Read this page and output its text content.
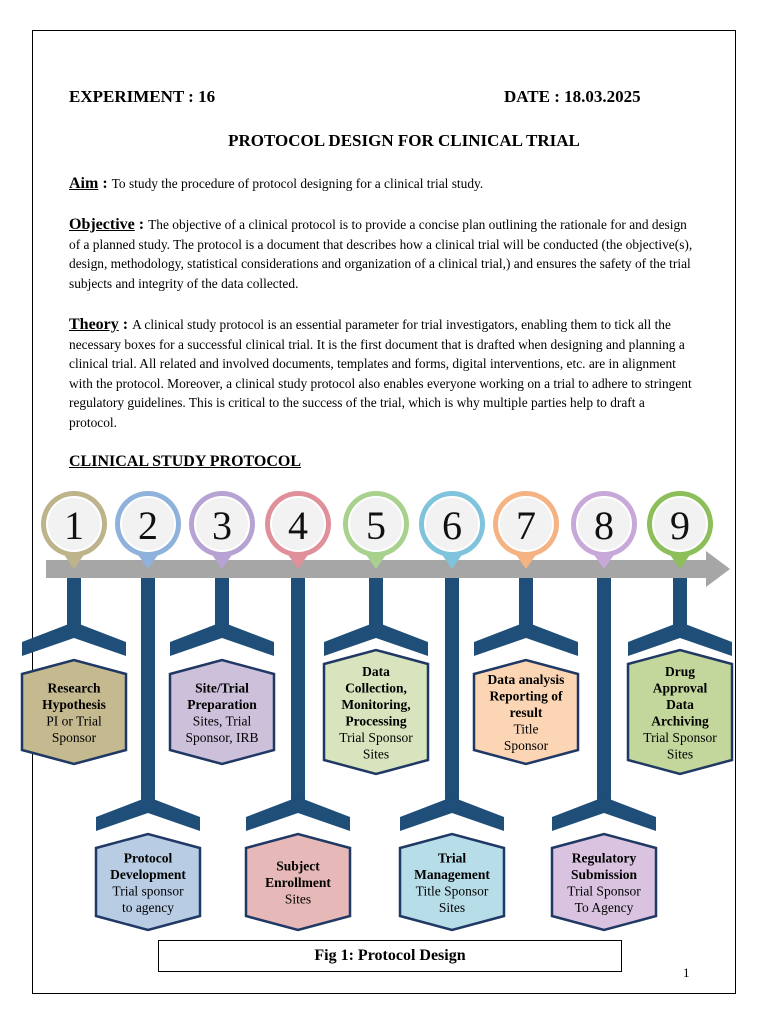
EXPERIMENT : 16	DATE : 18.03.2025
PROTOCOL DESIGN FOR CLINICAL TRIAL
Aim : To study the procedure of protocol designing for a clinical trial study.
Objective : The objective of a clinical protocol is to provide a concise plan outlining the rationale for and design of a planned study. The protocol is a document that describes how a clinical trial will be conducted (the objective(s), design, methodology, statistical considerations and organization of a clinical trial,) and ensures the safety of the trial subjects and integrity of the data collected.
Theory : A clinical study protocol is an essential parameter for trial investigators, enabling them to tick all the necessary boxes for a successful clinical trial. It is the first document that is drafted when designing and planning a clinical trial. All related and involved documents, templates and forms, digital interventions, etc. are in alignment with the protocol. Moreover, a clinical study protocol also enables everyone working on a trial to adhere to stringent regulatory guidelines. This is critical to the success of the trial, which is why multiple parties help to draft a protocol.
CLINICAL STUDY PROTOCOL
Research
Hypothesis
PI or Trial
Sponsor
1
Protocol
Development
Trial sponsor
to agency
2
Site/Trial
Preparation
Sites, Trial
Sponsor, IRB
3
Subject
Enrollment
Sites
4
Data
Collection,
Monitoring,
Processing
Trial Sponsor
Sites
5
Trial
Management
Title Sponsor
Sites
6
Data analysis
Reporting of
result
Title
Sponsor
7
Regulatory
Submission
Trial Sponsor
To Agency
8
Drug
Approval
Data
Archiving
Trial Sponsor
Sites
9
Fig 1: Protocol Design
1
